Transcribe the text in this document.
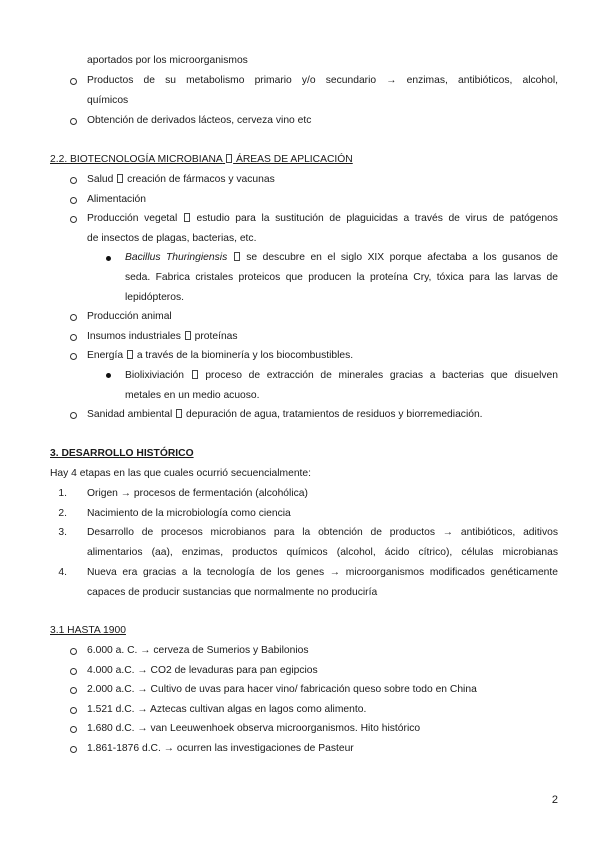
aportados por los microorganismos
Productos de su metabolismo primario y/o secundario → enzimas, antibióticos, alcohol,
químicos
Obtención de derivados lácteos, cerveza vino etc
2.2. BIOTECNOLOGÍA MICROBIANA ÁREAS DE APLICACIÓN
Salud creación de fármacos y vacunas
Alimentación
Producción vegetal estudio para la sustitución de plaguicidas a través de virus de patógenos
de insectos de plagas, bacterias, etc.
Bacillus Thuringiensis se descubre en el siglo XIX porque afectaba a los gusanos de
seda. Fabrica cristales proteicos que producen la proteína Cry, tóxica para las larvas de
lepidópteros.
Producción animal
Insumos industriales proteínas
Energía a través de la biominería y los biocombustibles.
Biolixiviación proceso de extracción de minerales gracias a bacterias que disuelven
metales en un medio acuoso.
Sanidad ambiental depuración de agua, tratamientos de residuos y biorremediación.
3. DESARROLLO HISTÓRICO
Hay 4 etapas en las que cuales ocurrió secuencialmente:
1. Origen → procesos de fermentación (alcohólica)
2. Nacimiento de la microbiología como ciencia
3. Desarrollo de procesos microbianos para la obtención de productos → antibióticos, aditivos
alimentarios (aa), enzimas, productos químicos (alcohol, ácido cítrico), células microbianas
4. Nueva era gracias a la tecnología de los genes → microorganismos modificados genéticamente
capaces de producir sustancias que normalmente no produciría
3.1 HASTA 1900
6.000 a. C. → cerveza de Sumerios y Babilonios
4.000 a.C. → CO2 de levaduras para pan egipcios
2.000 a.C. → Cultivo de uvas para hacer vino/ fabricación queso sobre todo en China
1.521 d.C. → Aztecas cultivan algas en lagos como alimento.
1.680 d.C. → van Leeuwenhoek observa microorganismos. Hito histórico
1.861-1876 d.C. → ocurren las investigaciones de Pasteur
2
